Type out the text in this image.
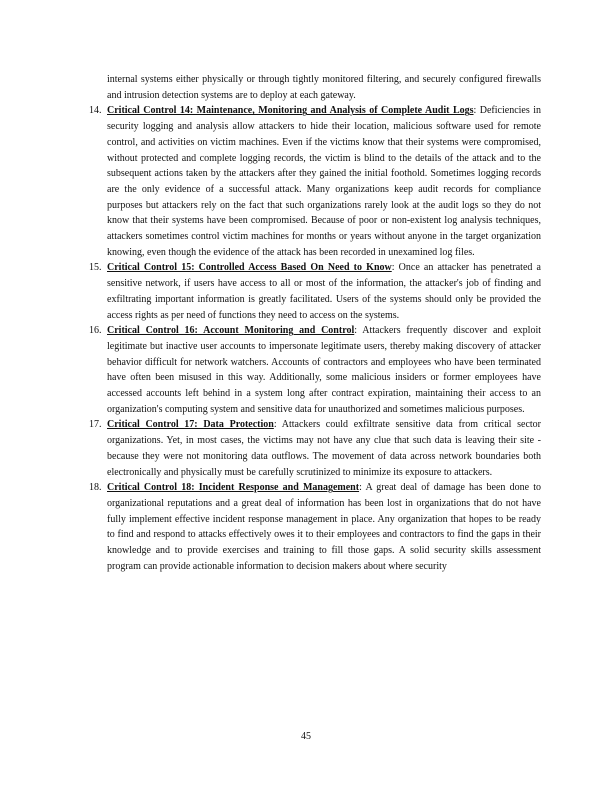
internal systems either physically or through tightly monitored filtering, and securely configured firewalls and intrusion detection systems are to deploy at each gateway.

14. Critical Control 14: Maintenance, Monitoring and Analysis of Complete Audit Logs: Deficiencies in security logging and analysis allow attackers to hide their location, malicious software used for remote control, and activities on victim machines. Even if the victims know that their systems were compromised, without protected and complete logging records, the victim is blind to the details of the attack and to the subsequent actions taken by the attackers after they gained the initial foothold. Sometimes logging records are the only evidence of a successful attack. Many organizations keep audit records for compliance purposes but attackers rely on the fact that such organizations rarely look at the audit logs so they do not know that their systems have been compromised. Because of poor or non-existent log analysis techniques, attackers sometimes control victim machines for months or years without anyone in the target organization knowing, even though the evidence of the attack has been recorded in unexamined log files.
15. Critical Control 15: Controlled Access Based On Need to Know: Once an attacker has penetrated a sensitive network, if users have access to all or most of the information, the attacker's job of finding and exfiltrating important information is greatly facilitated. Users of the systems should only be provided the access rights as per need of functions they need to access on the systems.
16. Critical Control 16: Account Monitoring and Control: Attackers frequently discover and exploit legitimate but inactive user accounts to impersonate legitimate users, thereby making discovery of attacker behavior difficult for network watchers. Accounts of contractors and employees who have been terminated have often been misused in this way. Additionally, some malicious insiders or former employees have accessed accounts left behind in a system long after contract expiration, maintaining their access to an organization's computing system and sensitive data for unauthorized and sometimes malicious purposes.
17. Critical Control 17: Data Protection: Attackers could exfiltrate sensitive data from critical sector organizations. Yet, in most cases, the victims may not have any clue that such data is leaving their site - because they were not monitoring data outflows. The movement of data across network boundaries both electronically and physically must be carefully scrutinized to minimize its exposure to attackers.
18. Critical Control 18: Incident Response and Management: A great deal of damage has been done to organizational reputations and a great deal of information has been lost in organizations that do not have fully implement effective incident response management in place. Any organization that hopes to be ready to find and respond to attacks effectively owes it to their employees and contractors to find the gaps in their knowledge and to provide exercises and training to fill those gaps. A solid security skills assessment program can provide actionable information to decision makers about where security
45
